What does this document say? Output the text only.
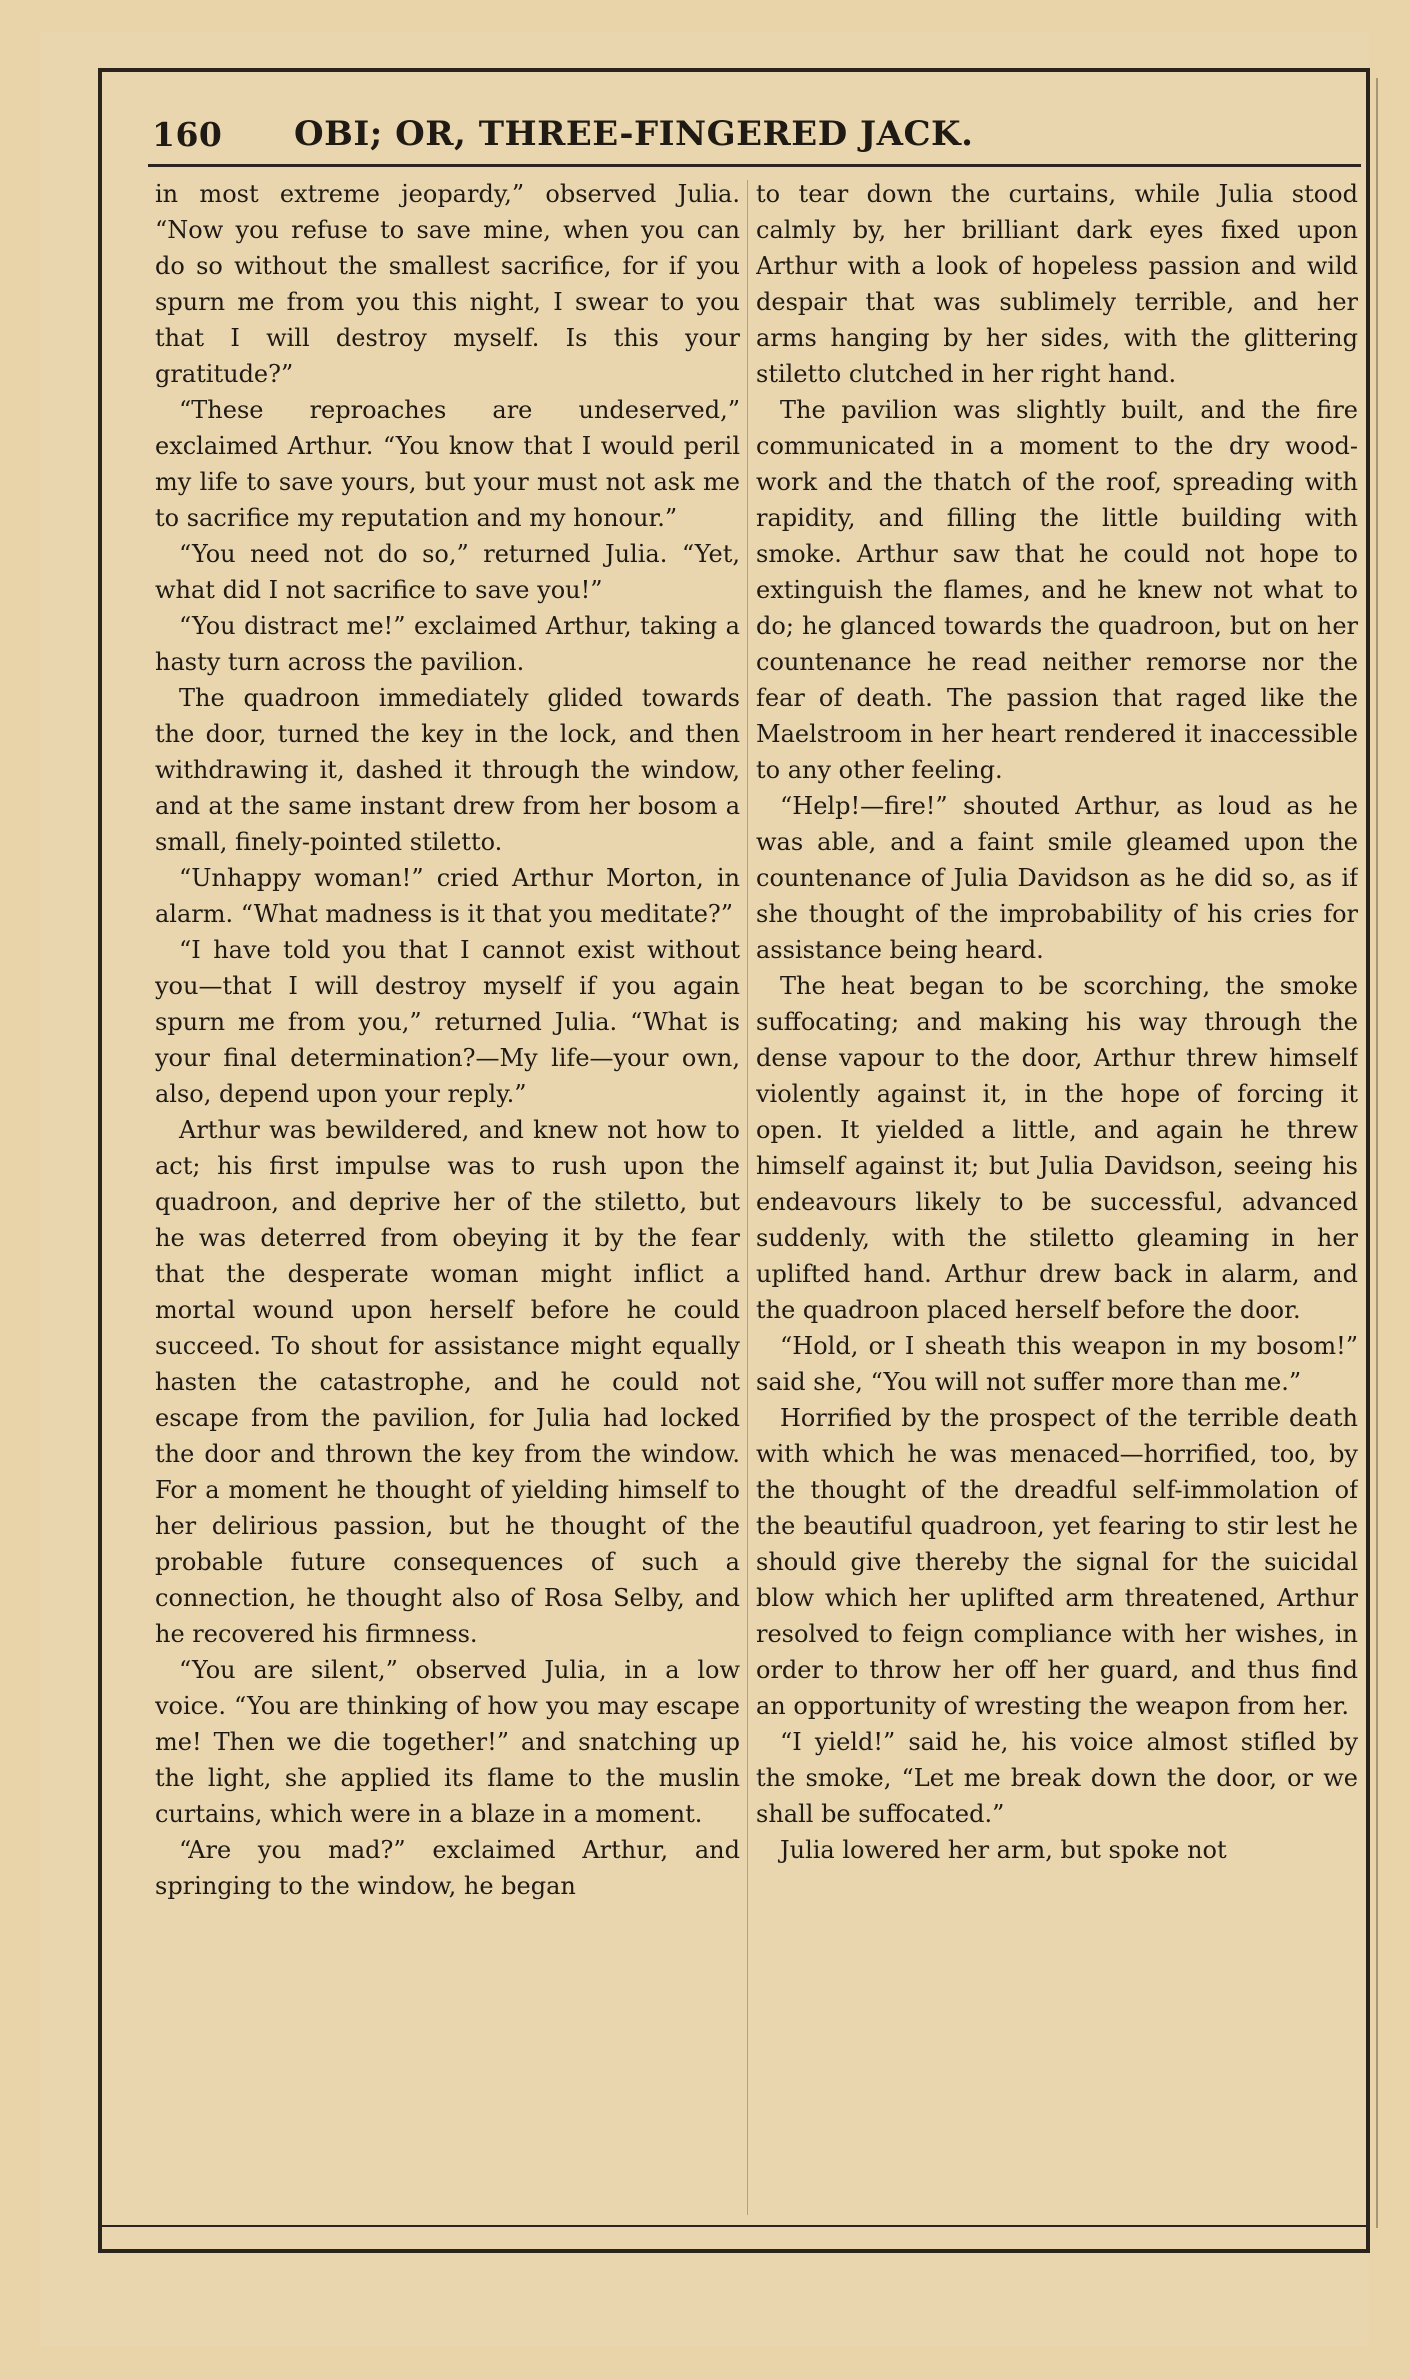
160	OBI; OR, THREE-FINGERED JACK.

in most extreme jeopardy,” observed Julia. “Now you refuse to save mine, when you can do so without the smallest sacrifice, for if you spurn me from you this night, I swear to you that I will destroy myself. Is this your gratitude?”

“These reproaches are undeserved,” exclaimed Arthur. “You know that I would peril my life to save yours, but your must not ask me to sacrifice my reputation and my honour.”

“You need not do so,” returned Julia. “Yet, what did I not sacrifice to save you!”

“You distract me!” exclaimed Arthur, taking a hasty turn across the pavilion.

The quadroon immediately glided towards the door, turned the key in the lock, and then withdrawing it, dashed it through the window, and at the same instant drew from her bosom a small, finely-pointed stiletto.

“Unhappy woman!” cried Arthur Morton, in alarm. “What madness is it that you meditate?”

“I have told you that I cannot exist without you—that I will destroy myself if you again spurn me from you,” returned Julia. “What is your final determination?—My life—your own, also, depend upon your reply.”

Arthur was bewildered, and knew not how to act; his first impulse was to rush upon the quadroon, and deprive her of the stiletto, but he was deterred from obeying it by the fear that the desperate woman might inflict a mortal wound upon herself before he could succeed. To shout for assistance might equally hasten the catastrophe, and he could not escape from the pavilion, for Julia had locked the door and thrown the key from the window. For a moment he thought of yielding himself to her delirious passion, but he thought of the probable future consequences of such a connection, he thought also of Rosa Selby, and he recovered his firmness.

“You are silent,” observed Julia, in a low voice. “You are thinking of how you may escape me! Then we die together!” and snatching up the light, she applied its flame to the muslin curtains, which were in a blaze in a moment.

“Are you mad?” exclaimed Arthur, and springing to the window, he began

to tear down the curtains, while Julia stood calmly by, her brilliant dark eyes fixed upon Arthur with a look of hopeless passion and wild despair that was sublimely terrible, and her arms hanging by her sides, with the glittering stiletto clutched in her right hand.

The pavilion was slightly built, and the fire communicated in a moment to the dry wood-work and the thatch of the roof, spreading with rapidity, and filling the little building with smoke. Arthur saw that he could not hope to extinguish the flames, and he knew not what to do; he glanced towards the quadroon, but on her countenance he read neither remorse nor the fear of death. The passion that raged like the Maelstroom in her heart rendered it inaccessible to any other feeling.

“Help!—fire!” shouted Arthur, as loud as he was able, and a faint smile gleamed upon the countenance of Julia Davidson as he did so, as if she thought of the improbability of his cries for assistance being heard.

The heat began to be scorching, the smoke suffocating; and making his way through the dense vapour to the door, Arthur threw himself violently against it, in the hope of forcing it open. It yielded a little, and again he threw himself against it; but Julia Davidson, seeing his endeavours likely to be successful, advanced suddenly, with the stiletto gleaming in her uplifted hand. Arthur drew back in alarm, and the quadroon placed herself before the door.

“Hold, or I sheath this weapon in my bosom!” said she, “You will not suffer more than me.”

Horrified by the prospect of the terrible death with which he was menaced—horrified, too, by the thought of the dreadful self-immolation of the beautiful quadroon, yet fearing to stir lest he should give thereby the signal for the suicidal blow which her uplifted arm threatened, Arthur resolved to feign compliance with her wishes, in order to throw her off her guard, and thus find an opportunity of wresting the weapon from her.

“I yield!” said he, his voice almost stifled by the smoke, “Let me break down the door, or we shall be suffocated.”

Julia lowered her arm, but spoke not
